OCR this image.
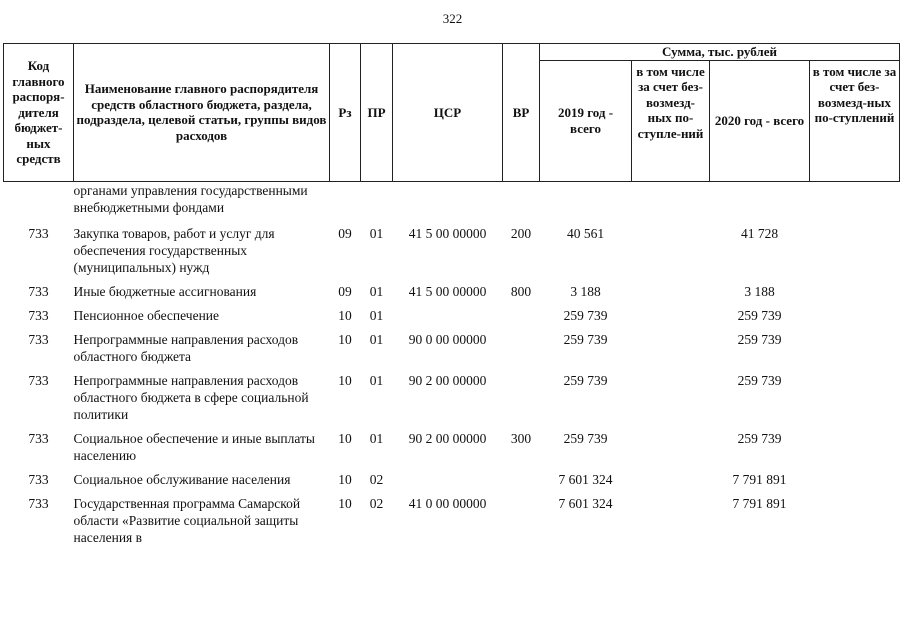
322
Код главного распоря-дителя бюджет-ных средств	Наименование главного распорядителя средств областного бюджета, раздела, подраздела, целевой статьи, группы видов расходов	Рз	ПР	ЦСР	ВР	Сумма, тыс. рублей			
						2019 год - всего	в том числе за счет без-возмезд-ных по-ступле-ний	2020 год - всего	в том числе за счет без-возмезд-ных по-ступлений
	органами управления государственными внебюджетными фондами								
733	Закупка товаров, работ и услуг для обеспечения государственных (муниципальных) нужд	09	01	41 5 00 00000	200	40 561		41 728	
733	Иные бюджетные ассигнования	09	01	41 5 00 00000	800	3 188		3 188	
733	Пенсионное обеспечение	10	01			259 739		259 739	
733	Непрограммные направления расходов областного бюджета	10	01	90 0 00 00000		259 739		259 739	
733	Непрограммные направления расходов областного бюджета в сфере социальной политики	10	01	90 2 00 00000		259 739		259 739	
733	Социальное обеспечение и иные выплаты населению	10	01	90 2 00 00000	300	259 739		259 739	
733	Социальное обслуживание населения	10	02			7 601 324		7 791 891	
733	Государственная программа Самарской области «Развитие социальной защиты населения в	10	02	41 0 00 00000		7 601 324		7 791 891	
